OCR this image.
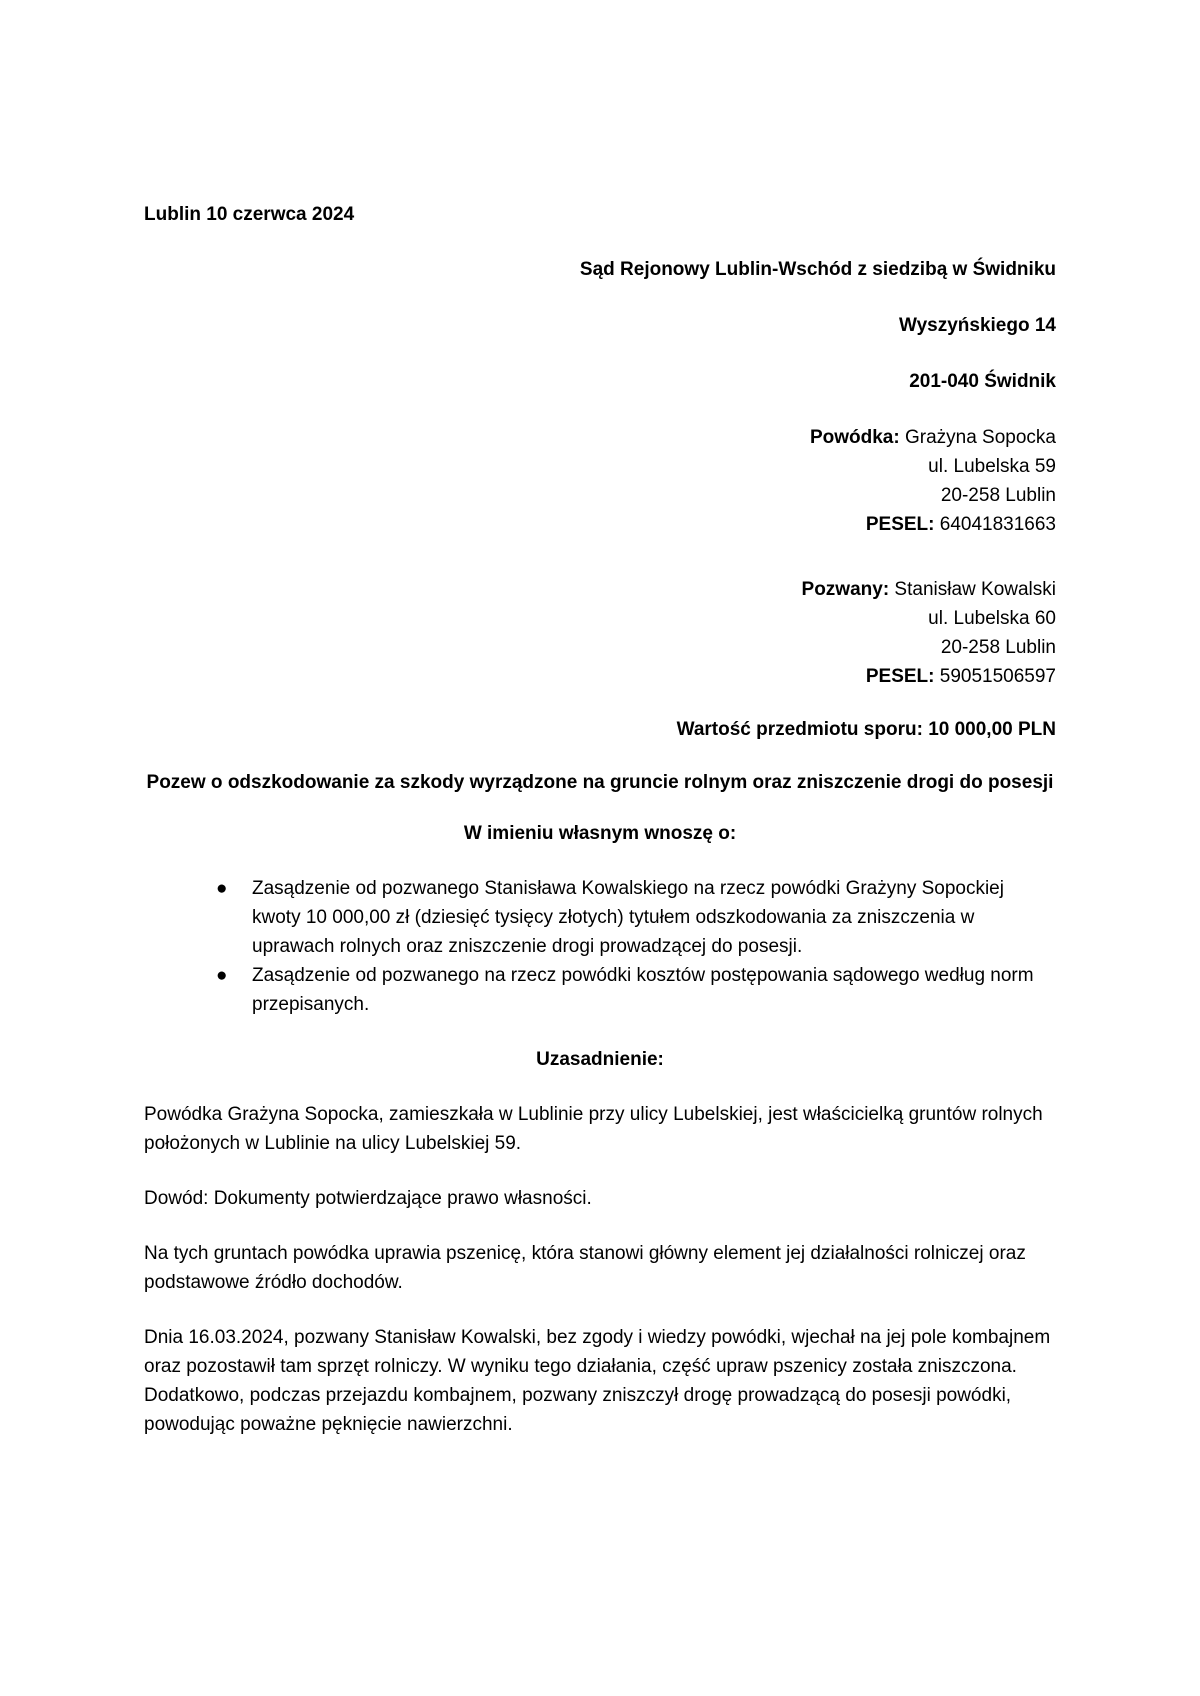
Lublin 10 czerwca 2024
Sąd Rejonowy Lublin-Wschód z siedzibą w Świdniku
Wyszyńskiego 14
201-040 Świdnik
Powódka: Grażyna Sopocka
ul. Lubelska 59
20-258 Lublin
PESEL: 64041831663
Pozwany: Stanisław Kowalski
ul. Lubelska 60
20-258 Lublin
PESEL: 59051506597
Wartość przedmiotu sporu: 10 000,00 PLN
Pozew o odszkodowanie za szkody wyrządzone na gruncie rolnym oraz zniszczenie drogi do posesji
W imieniu własnym wnoszę o:
● Zasądzenie od pozwanego Stanisława Kowalskiego na rzecz powódki Grażyny Sopockiej kwoty 10 000,00 zł (dziesięć tysięcy złotych) tytułem odszkodowania za zniszczenia w uprawach rolnych oraz zniszczenie drogi prowadzącej do posesji.
● Zasądzenie od pozwanego na rzecz powódki kosztów postępowania sądowego według norm przepisanych.
Uzasadnienie:
Powódka Grażyna Sopocka, zamieszkała w Lublinie przy ulicy Lubelskiej, jest właścicielką gruntów rolnych położonych w Lublinie na ulicy Lubelskiej 59.
Dowód: Dokumenty potwierdzające prawo własności.
Na tych gruntach powódka uprawia pszenicę, która stanowi główny element jej działalności rolniczej oraz podstawowe źródło dochodów.
Dnia 16.03.2024, pozwany Stanisław Kowalski, bez zgody i wiedzy powódki, wjechał na jej pole kombajnem oraz pozostawił tam sprzęt rolniczy. W wyniku tego działania, część upraw pszenicy została zniszczona. Dodatkowo, podczas przejazdu kombajnem, pozwany zniszczył drogę prowadzącą do posesji powódki, powodując poważne pęknięcie nawierzchni.
